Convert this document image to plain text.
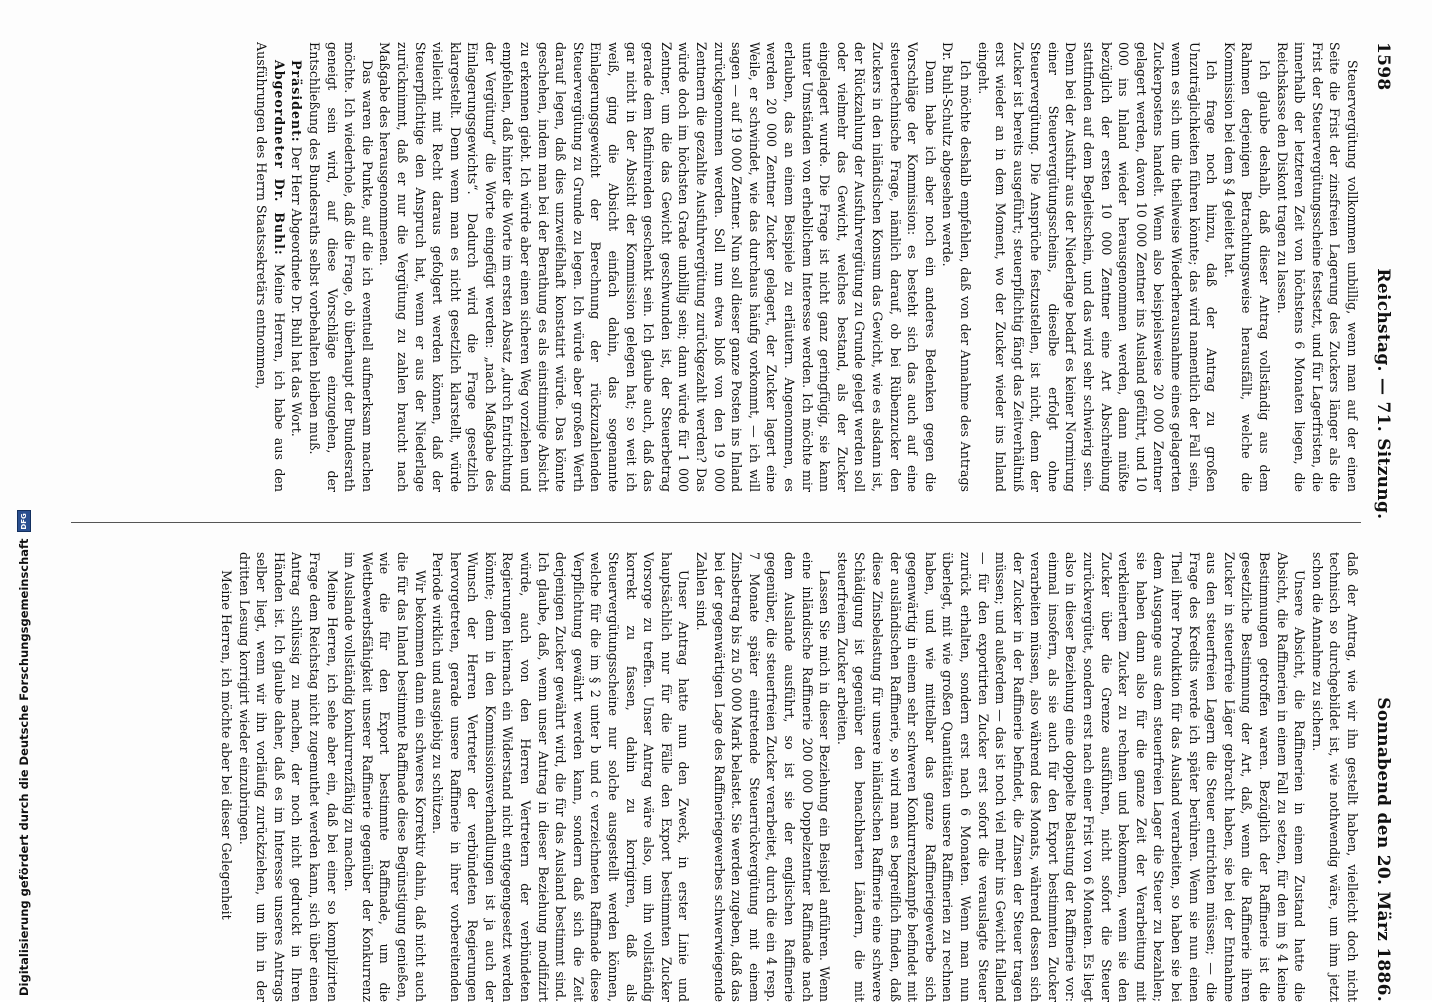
1598
Reichstag. — 71. Sitzung.
Sonnabend den 20. März 1886.

Steuervergütung vollkommen unbillig, wenn man auf der einen Seite die Frist der zinsfreien Lagerung des Zuckers länger als die Frist der Steuervergütungsscheine festsetzt, und für Lagerfristen, die innerhalb der letzteren Zeit von höchstens 6 Monaten liegen, die Reichskasse den Diskont tragen zu lassen.

Ich glaube deshalb, daß dieser Antrag vollständig aus dem Rahmen derjenigen Betrachtungsweise herausfällt, welche die Kommission bei dem § 4 geleitet hat.

Ich frage noch hinzu, daß der Antrag zu großen Unzuträglichkeiten führen könnte; das wird namentlich der Fall sein, wenn es sich um die theilweise Wiederherausnahme eines gelagerten Zuckerpostens handelt. Wenn also beispielsweise 20 000 Zentner gelagert werden, davon 10 000 Zentner ins Ausland geführt, und 10 000 ins Inland wieder herausgenommen werden, dann müßte bezüglich der ersten 10 000 Zentner eine Art Abschreibung stattfinden auf dem Begleitschein, und das wird sehr schwierig sein. Denn bei der Ausfuhr aus der Niederlage bedarf es keiner Normirung einer Steuervergütungsscheins, dieselbe erfolgt ohne Steuervergütung. Die Ansprüche festzustellen, ist nicht, denn der Zucker ist bereits ausgeführt; steuerpflichtig fängt das Zeitverhältniß erst wieder an in dem Moment, wo der Zucker wieder ins Inland eingeht.

Ich möchte deshalb empfehlen, daß von der Annahme des Antrags Dr. Buhl-Schultz abgesehen werde.

Dann habe ich aber noch ein anderes Bedenken gegen die Vorschläge der Kommission: es besteht sich das auch auf eine steuertechnische Frage, nämlich darauf, ob bei Rübenzucker den Zuckers in den inländischen Konsum das Gewicht, wie es alsdann ist, der Rückzahlung der Ausfuhrvergütung zu Grunde gelegt werden soll oder vielmehr das Gewicht, welches bestand, als der Zucker eingelagert wurde. Die Frage ist nicht ganz geringfügig, sie kann unter Umständen von erheblichem Interesse werden. Ich möchte mir erlauben, das an einem Beispiele zu erläutern. Angenommen, es werden 20 000 Zentner Zucker gelagert, der Zucker lagert eine Weile, er schwindet, wie das durchaus häufig vorkommt, — ich will sagen — auf 19 000 Zentner. Nun soll dieser ganze Posten ins Inland zurückgenommen werden. Soll nun etwa bloß von den 19 000 Zentnern die gezahlte Ausfuhrvergütung zurückgezahlt werden? Das würde doch im höchsten Grade unbillig sein; dann würde für 1 000 Zentner, um die das Gewicht geschwunden ist, der Steuerbetrag gerade dem Refinirenden geschenkt sein. Ich glaube auch, daß das gar nicht in der Absicht der Kommission gelegen hat; so weit ich weiß, ging die Absicht einfach dahin, das sogenannte Einlagerungsgewicht der Berechnung der rückzuzahlenden Steuervergütung zu Grunde zu legen. Ich würde aber großen Werth darauf legen, daß dies unzweifelhaft konstatirt würde. Das könnte geschehen, indem man bei der Berathung es als einstimmige Absicht zu erkennen giebt. Ich würde aber einen sicheren Weg vorziehen und empfehlen, daß hinter die Worte im ersten Absatz „durch Entrichtung der Vergütung“ die Worte eingefügt werden: „nach Maßgabe des Einlagerungsgewichts“. Dadurch wird die Frage gesetzlich klargestellt. Denn wenn man es nicht gesetzlich klarstellt, würde vielleicht mit Recht daraus gefolgert werden können, daß der Steuerpflichtige den Anspruch hat, wenn er aus der Niederlage zurücknimmt, daß er nur die Vergütung zu zahlen braucht nach Maßgabe des herausgenommenen.

Das waren die Punkte, auf die ich eventuell aufmerksam machen möchte. Ich wiederhole, daß die Frage, ob überhaupt der Bundesrath geneigt sein wird, auf diese Vorschläge einzugehen, der Entschließung des Bundesraths selbst vorbehalten bleiben muß.

Präsident: Der Herr Abgeordnete Dr. Buhl hat das Wort.

Abgeordneter Dr. Buhl: Meine Herren, ich habe aus den Ausführungen des Herrn Staatssekretärs entnommen,

daß der Antrag, wie wir ihn gestellt haben, vielleicht doch nicht technisch so durchgebildet ist, wie nothwendig wäre, um ihm jetzt schon die Annahme zu sichern.

Unsere Absicht, die Raffinerien in einem Zustand hatte die Absicht, die Raffinerien in einem Fall zu setzen, für den im § 4 keine Bestimmungen getroffen waren. Bezüglich der Raffinerie ist die gesetzliche Bestimmung der Art, daß, wenn die Raffinerie ihren Zucker in steuerfreie Läger gebracht haben, sie bei der Entnahme aus den steuerfreien Lagern die Steuer entrichten müssen; — die Frage des Kredits werde ich später berühren. Wenn sie nun einen Theil ihrer Produktion für das Ausland verarbeiten, so haben sie bei dem Ausgange aus dem steuerfreien Lager die Steuer zu bezahlen; sie haben dann also für die ganze Zeit der Verarbeitung mit verkleinertem Zucker zu rechnen und bekommen, wenn sie den Zucker über die Grenze ausführen, nicht sofort die Steuer zurückvergütet, sondern erst nach einer Frist von 6 Monaten. Es liegt also in dieser Beziehung eine doppelte Belastung der Raffinerie vor: einmal insofern, als sie auch für den Export bestimmten Zucker verarbeiten müssen, also während des Monats, während dessen sich der Zucker in der Raffinerie befindet, die Zinsen der Steuer tragen müssen; und außerdem — das ist noch viel mehr ins Gewicht fallend — für den exportirten Zucker erst sofort die verauslagte Steuer zurück erhalten, sondern erst nach 6 Monaten. Wenn man nun überlegt, mit wie großen Quantitäten unsere Raffinerien zu rechnen haben, und wie mittelbar das ganze Raffineriegewerbe sich gegenwärtig in einem sehr schweren Konkurrenzkampfe befindet mit der ausländischen Raffinerie, so wird man es begreiflich finden, daß diese Zinsbelastung für unsere inländischen Raffinerie eine schwere Schädigung ist gegenüber den benachbarten Ländern, die mit steuerfreiem Zucker arbeiten.

Lassen Sie mich in dieser Beziehung ein Beispiel anführen. Wenn eine inländische Raffinerie 200 000 Doppelzentner Raffinade nach dem Auslande ausführt, so ist sie der englischen Raffinerie gegenüber, die steuerfreien Zucker verarbeitet, durch die ein 4 resp. 7 Monate später eintretende Steuerrückvergütung mit einem Zinsbetrag bis zu 50 000 Mark belastet. Sie werden zugeben, daß das bei der gegenwärtigen Lage des Raffineriegewerbes schwerwiegende Zahlen sind.

Unser Antrag hatte nun den Zweck, in erster Linie und hauptsächlich nur für die Fälle den Export bestimmten Zucker Vorsorge zu treffen. Unser Antrag wäre also, um ihn vollständig korrekt zu fassen, dahin zu korrigiren, daß als Steuervergütungsscheine nur solche ausgestellt werden können, welche für die im § 2 unter b und c verzeichneten Raffinade diese Verpflichtung gewährt werden kann, sondern daß sich die Zeit derjenigen Zucker gewährt wird, die für das Ausland bestimmt sind. Ich glaube, daß, wenn unser Antrag in dieser Beziehung modifizirt würde, auch von den Herren Vertretern der verbündeten Regierungen hiernach ein Widerstand nicht entgegengesetzt werden könnte; denn in den Kommissionsverhandlungen ist ja auch der Wunsch der Herren Vertreter der verbündeten Regierungen hervorgetreten, gerade unsere Raffinerie in ihrer vorbereitenden Periode wirklich und ausgiebig zu schützen.

Wir bekommen dann ein schweres Korrektiv dahin, daß nicht auch die für das Inland bestimmte Raffinade diese Begünstigung genießen, wie die für den Export bestimmte Raffinade, um die Wettbewerbsfähigkeit unserer Raffinerie gegenüber der Konkurrenz im Auslande vollständig konkurrenzfähig zu machen.

Meine Herren, ich sehe aber ein, daß bei einer so komplizirten Frage dem Reichstag nicht zugemuthet werden kann, sich über einen Antrag schlüssig zu machen, der noch nicht gedruckt in Ihren Händen ist. Ich glaube daher, daß es im Interesse unseres Antrags selber liegt, wenn wir ihn vorläufig zurückziehen, um ihn in der dritten Lesung korrigirt wieder einzubringen.

Meine Herren, ich möchte aber bei dieser Gelegenheit

Digitalisierung gefördert durch die Deutsche Forschungsgemeinschaft
DFG
